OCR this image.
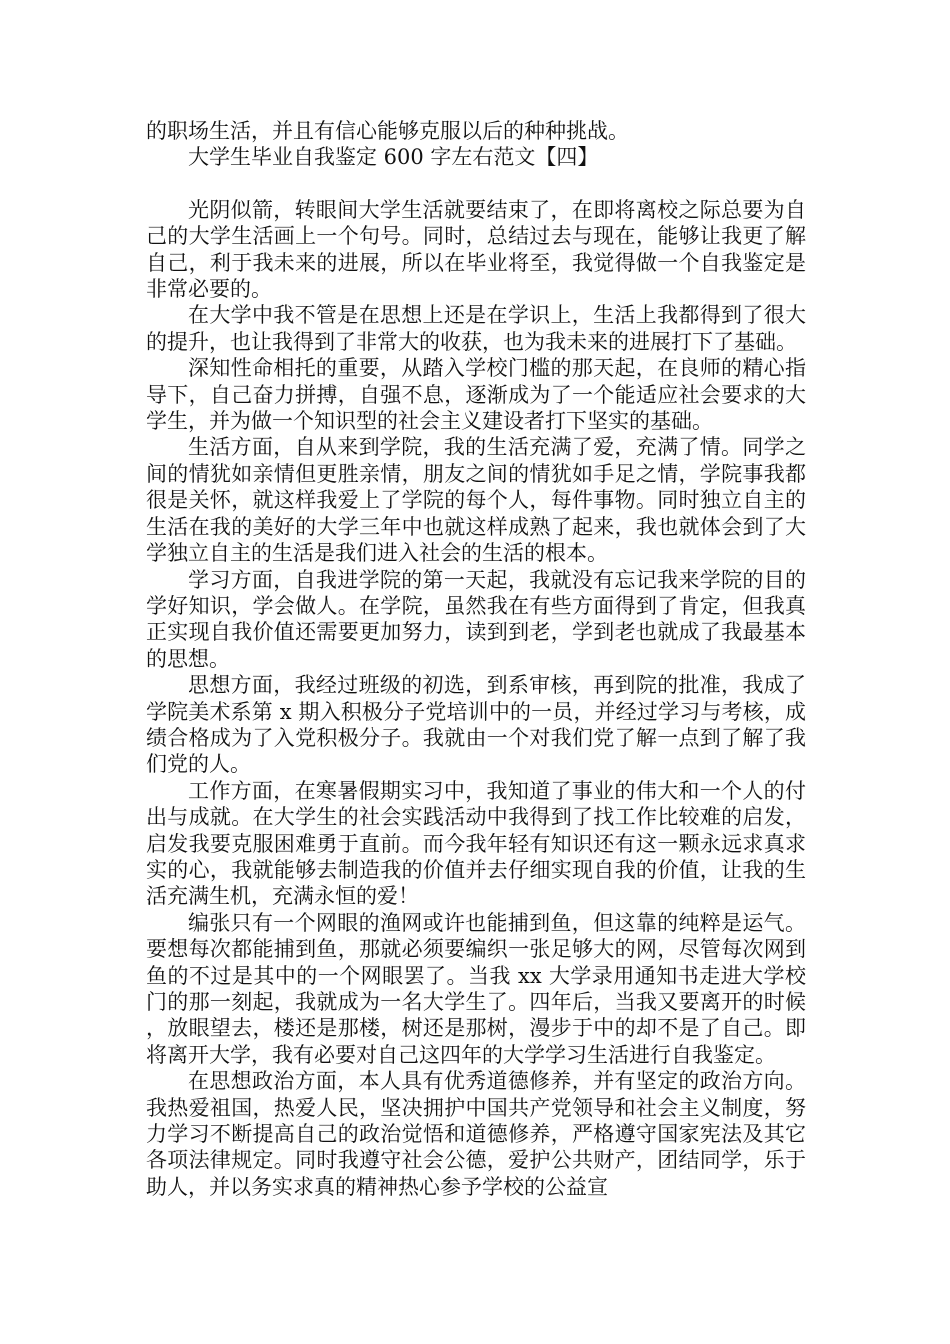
的职场生活，并且有信心能够克服以后的种种挑战。

大学生毕业自我鉴定 600 字左右范文【四】

光阴似箭，转眼间大学生活就要结束了，在即将离校之际总要为自己的大学生活画上一个句号。同时，总结过去与现在，能够让我更了解自己，利于我未来的进展，所以在毕业将至，我觉得做一个自我鉴定是非常必要的。

在大学中我不管是在思想上还是在学识上，生活上我都得到了很大的提升，也让我得到了非常大的收获，也为我未来的进展打下了基础。

深知性命相托的重要，从踏入学校门槛的那天起，在良师的精心指导下，自己奋力拼搏，自强不息，逐渐成为了一个能适应社会要求的大学生，并为做一个知识型的社会主义建设者打下坚实的基础。

生活方面，自从来到学院，我的生活充满了爱，充满了情。同学之间的情犹如亲情但更胜亲情，朋友之间的情犹如手足之情，学院事我都很是关怀，就这样我爱上了学院的每个人，每件事物。同时独立自主的生活在我的美好的大学三年中也就这样成熟了起来，我也就体会到了大学独立自主的生活是我们进入社会的生活的根本。

学习方面，自我进学院的第一天起，我就没有忘记我来学院的目的学好知识，学会做人。在学院，虽然我在有些方面得到了肯定，但我真正实现自我价值还需要更加努力，读到到老，学到老也就成了我最基本的思想。

思想方面，我经过班级的初选，到系审核，再到院的批准，我成了学院美术系第 x 期入积极分子党培训中的一员，并经过学习与考核，成绩合格成为了入党积极分子。我就由一个对我们党了解一点到了解了我们党的人。

工作方面，在寒暑假期实习中，我知道了事业的伟大和一个人的付出与成就。在大学生的社会实践活动中我得到了找工作比较难的启发，启发我要克服困难勇于直前。而今我年轻有知识还有这一颗永远求真求实的心，我就能够去制造我的价值并去仔细实现自我的价值，让我的生活充满生机，充满永恒的爱！

编张只有一个网眼的渔网或许也能捕到鱼，但这靠的纯粹是运气。要想每次都能捕到鱼，那就必须要编织一张足够大的网，尽管每次网到鱼的不过是其中的一个网眼罢了。当我 xx 大学录用通知书走进大学校门的那一刻起，我就成为一名大学生了。四年后，当我又要离开的时候，放眼望去，楼还是那楼，树还是那树，漫步于中的却不是了自己。即将离开大学，我有必要对自己这四年的大学学习生活进行自我鉴定。

在思想政治方面，本人具有优秀道德修养，并有坚定的政治方向。我热爱祖国，热爱人民，坚决拥护中国共产党领导和社会主义制度，努力学习不断提高自己的政治觉悟和道德修养，严格遵守国家宪法及其它各项法律规定。同时我遵守社会公德，爱护公共财产，团结同学，乐于助人，并以务实求真的精神热心参予学校的公益宣
